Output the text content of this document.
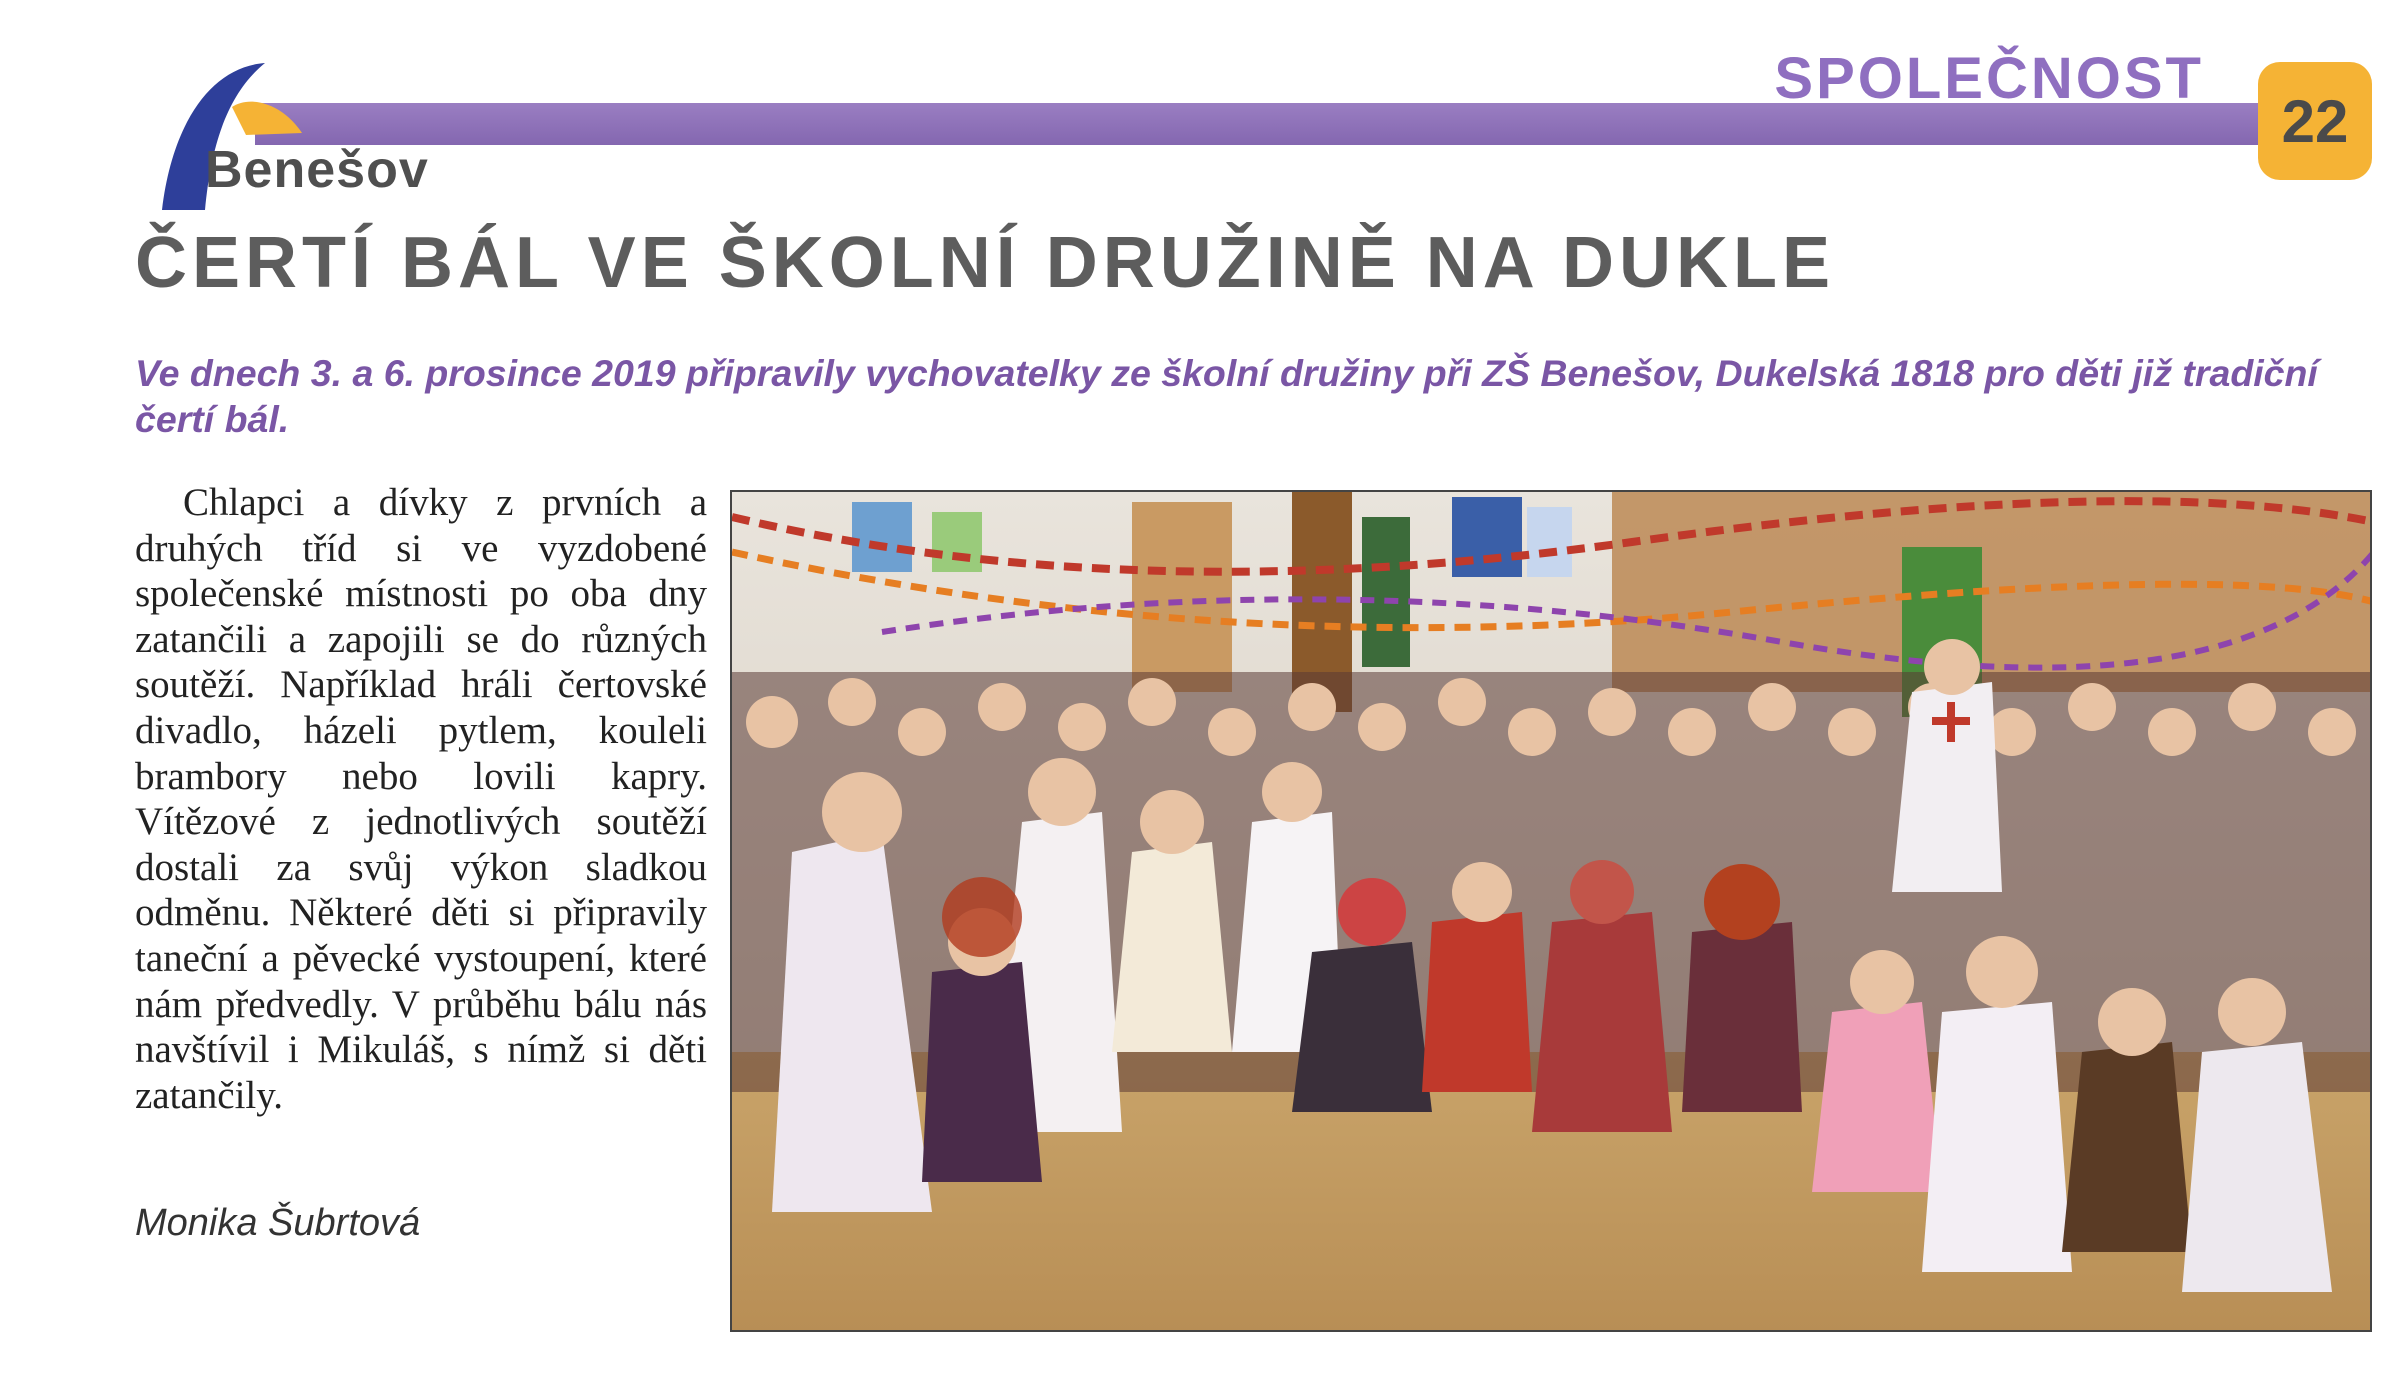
Benešov
SPOLEČNOST
22
ČERTÍ BÁL VE ŠKOLNÍ DRUŽINĚ NA DUKLE

Ve dnech 3. a 6. prosince 2019 připravily vychovatelky ze školní družiny při ZŠ Benešov, Dukelská 1818 pro děti již tradiční čertí bál.

Chlapci a dívky z prvních a druhých tříd si ve vyzdobené společenské místnosti po oba dny zatančili a zapojili se do různých soutěží. Například hráli čertovské divadlo, házeli pytlem, kouleli brambory nebo lovili kapry. Vítězové z jednotlivých soutěží dostali za svůj výkon sladkou odměnu. Některé děti si připravily taneční a pěvecké vystoupení, které nám předvedly. V průběhu bálu nás navštívil i Mikuláš, s nímž si děti zatančily.

Monika Šubrtová
